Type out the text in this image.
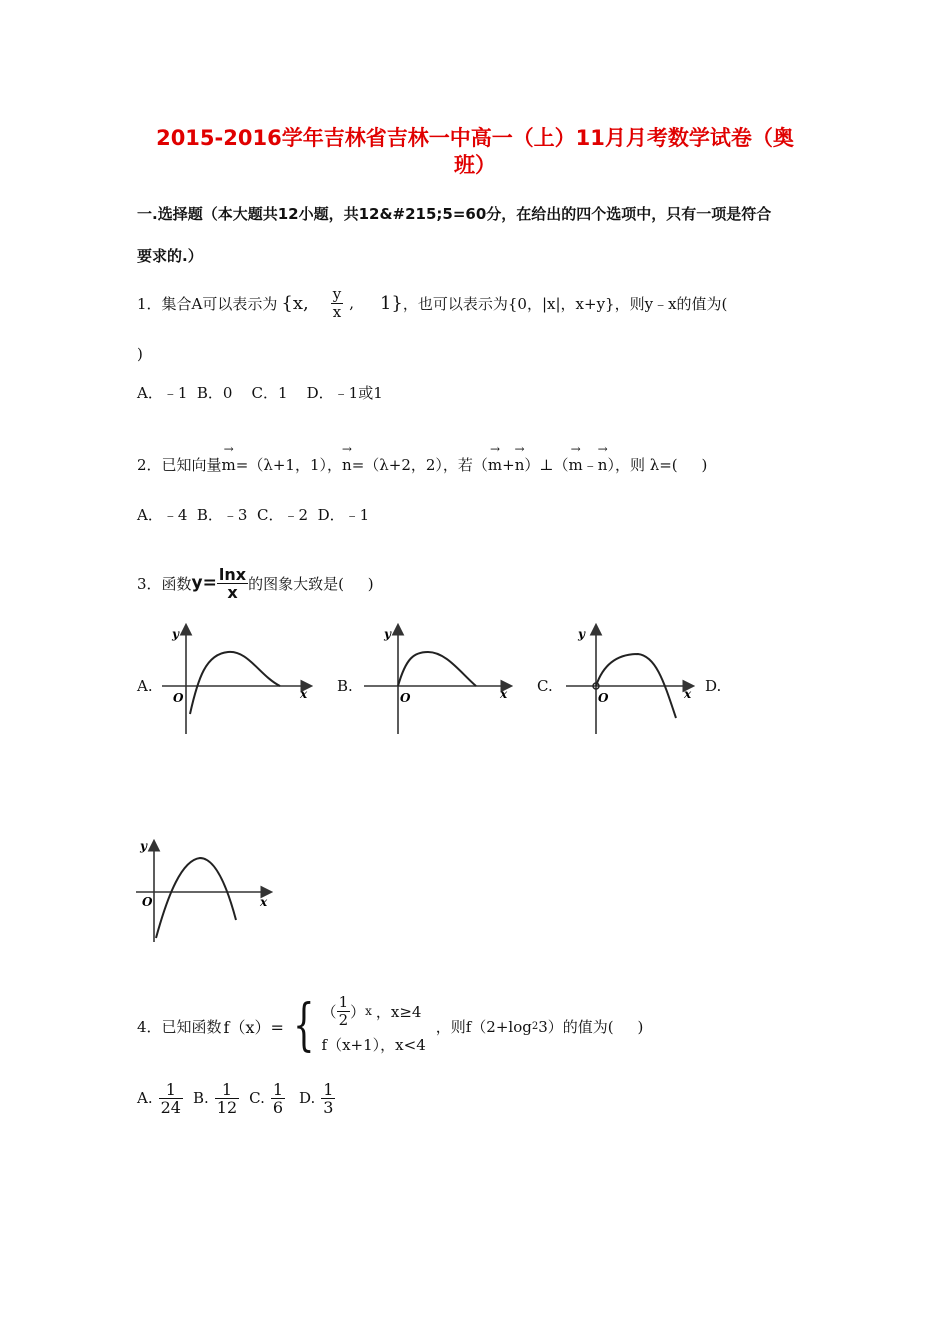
2015-2016学年吉林省吉林一中高一（上）11月月考数学试卷（奥
班）
一.选择题（本大题共12小题，共12&#215;5=60分，在给出的四个选项中，只有一项是符合
要求的.）
1．集合A可以表示为 {x, $\frac{y}{x}$ , 1} ，也可以表示为{0，|x|，x+y}，则y﹣x的值为(
)
A．﹣1  B．0    C．1    D．﹣1或1
2．已知向量 → m =（λ+1，1）， → n =（λ+2，2），若（ → m + → n ）⊥（ → m ﹣ → n ），则 λ=(     )
A．﹣4  B．﹣3  C．﹣2  D．﹣1
3．函数 $y= \frac{\ln x}{x}$ 的图象大致是(     )
A.	B.	C.	D.
y
x
O
y
x
O
y
x
O
y
x
O
4．已知函数 f（x）= { （ $\frac{1}{2}$ ） x ，x≥4
f（x+1），x<4
，则f（2+log 2 3）的值为(     )
A. $\frac{1}{24} B$. $\frac{1}{12} C$. $\frac{1}{6} D$. $\frac{1}{3}$
